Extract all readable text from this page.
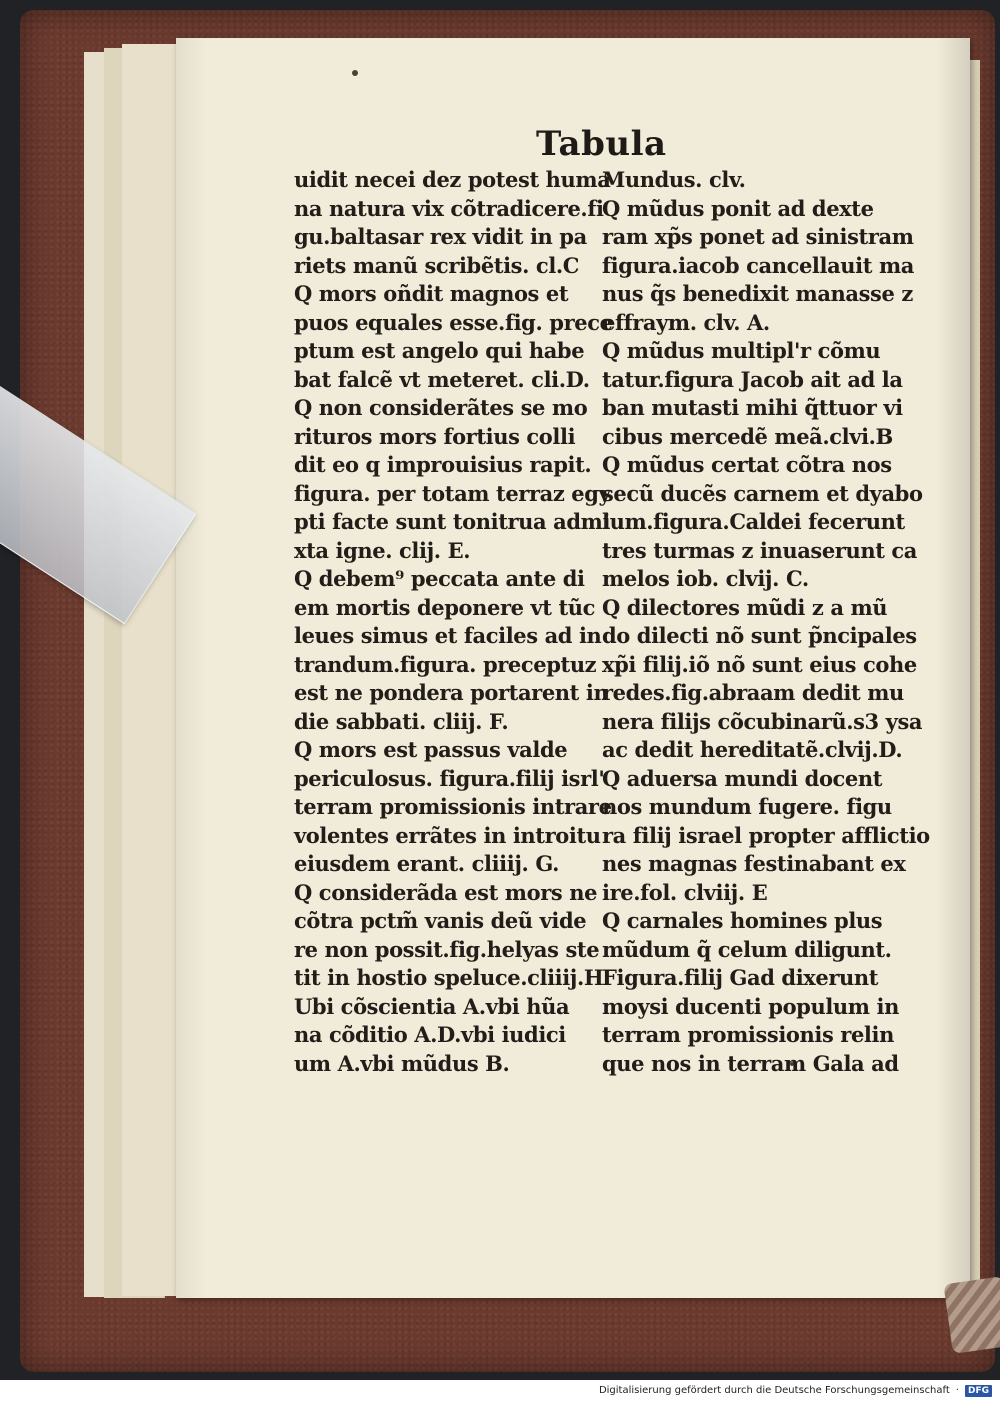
Tabula
uidit necei dez potest huma
na natura vix cõtradicere.fi
gu.baltasar rex vidit in pa
riets manũ scribẽtis. cl.C
Q mors oñdit magnos et
puos equales esse.fig. prece
ptum est angelo qui habe
bat falcẽ vt meteret. cli.D.
Q non considerãtes se mo
rituros mors fortius colli
dit eo q improuisius rapit.
figura. per totam terraz egy
pti facte sunt tonitrua admi
xta igne. clij. E.
Q debem⁹ peccata ante di
em mortis deponere vt tũc
leues simus et faciles ad in
trandum.figura. preceptuz
est ne pondera portarent in
die sabbati. cliij. F.
Q mors est passus valde
periculosus. figura.filij isrl'
terram promissionis intrare
volentes errãtes in introitu
eiusdem erant. cliiij. G.
Q considerãda est mors ne
cõtra pctm̃ vanis deũ vide
re non possit.fig.helyas ste
tit in hostio speluce.cliiij.H
Ubi cõscientia A.vbi hũa
na cõditio A.D.vbi iudici
um A.vbi mũdus B.
Mundus. clv.
Q mũdus ponit ad dexte
ram xp̃s ponet ad sinistram
figura.iacob cancellauit ma
nus q̃s benedixit manasse z
effraym. clv. A.
Q mũdus multipl'r cõmu
tatur.figura Jacob ait ad la
ban mutasti mihi q̃ttuor vi
cibus mercedẽ meã.clvi.B
Q mũdus certat cõtra nos
secũ ducẽs carnem et dyabo
lum.figura.Caldei fecerunt
tres turmas z inuaserunt ca
melos iob. clvij. C.
Q dilectores mũdi z a mũ
do dilecti nõ sunt p̃ncipales
xp̃i filij.iõ nõ sunt eius cohe
redes.fig.abraam dedit mu
nera filijs cõcubinarũ.s3 ysa
ac dedit hereditatẽ.clvij.D.
Q aduersa mundi docent
nos mundum fugere. figu
ra filij israel propter afflictio
nes magnas festinabant ex
ire.fol. clviij. E
Q carnales homines plus
mũdum q̃ celum diligunt.
Figura.filij Gad dixerunt
moysi ducenti populum in
terram promissionis relin
que nos in terram Gala ad
Digitalisierung gefördert durch die Deutsche Forschungsgemeinschaft ·	DFG
